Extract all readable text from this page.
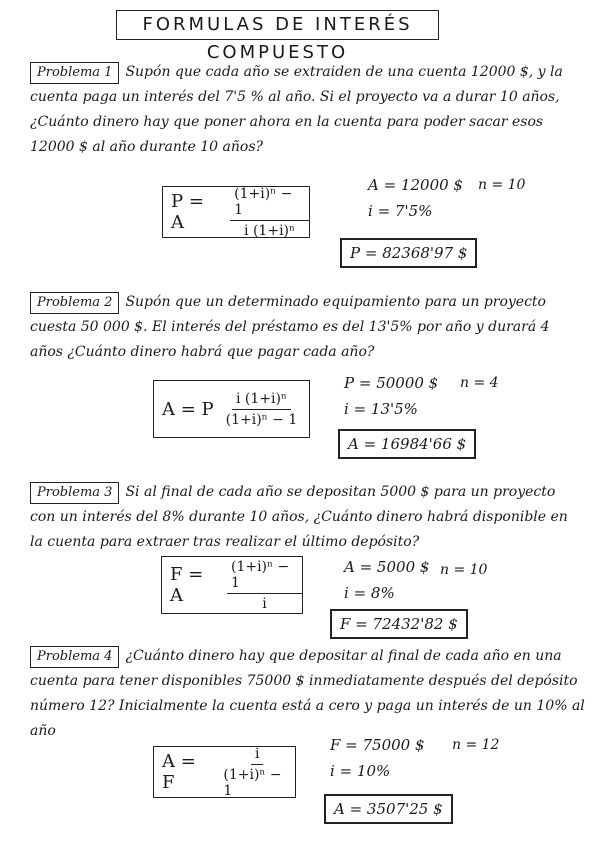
FORMULAS DE INTERÉS COMPUESTO
Problema 1 Supón que cada año se extraiden de una cuenta 12000 $, y la cuenta paga un interés del 7'5 % al año. Si el proyecto va a durar 10 años, ¿Cuánto dinero hay que poner ahora en la cuenta para poder sacar esos 12000 $ al año durante 10 años?
P = A	$\frac{\text{(1+i)ⁿ − 1}}{\text{i (1+i)ⁿ}}$
A = 12000 $
i = 7'5%
n = 10
P = 82368'97 $
Problema 2 Supón que un determinado equipamiento para un proyecto cuesta 50 000 $. El interés del préstamo es del 13'5% por año y durará 4 años ¿Cuánto dinero habrá que pagar cada año?
A = P $\frac{\text{i (1+i)ⁿ}}{\text{(1+i)ⁿ − 1}}$
P = 50000 $
i = 13'5%
n = 4
A = 16984'66 $
Problema 3 Si al final de cada año se depositan 5000 $ para un proyecto con un interés del 8% durante 10 años, ¿Cuánto dinero habrá disponible en la cuenta para extraer tras realizar el último depósito?
F = A	$\frac{\text{(1+i)ⁿ − 1}}{i}$	A = 5000 $
i = 8%
n = 10
F = 72432'82 $
Problema 4 ¿Cuánto dinero hay que depositar al final de cada año en una cuenta para tener disponibles 75000 $ inmediatamente después del depósito número 12? Inicialmente la cuenta está a cero y paga un interés de un 10% al año
A = F	$\frac{i}{\text{(1+i)ⁿ − 1}}$
F = 75000 $
i = 10%
n = 12
A = 3507'25 $
